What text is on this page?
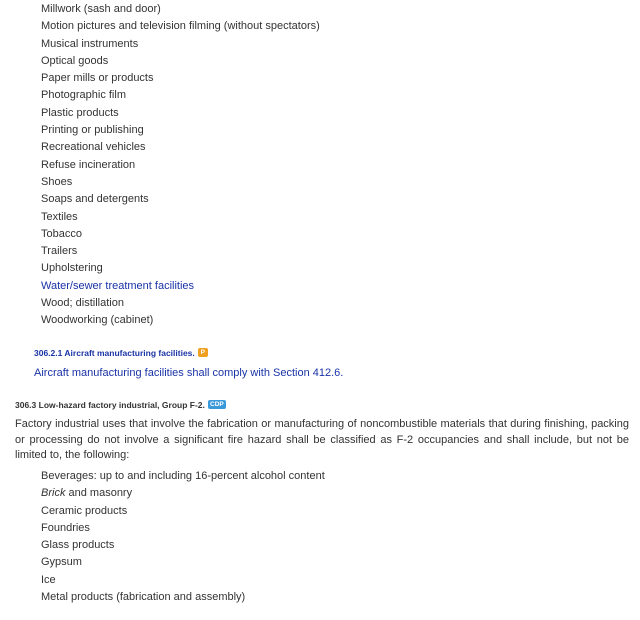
Millwork (sash and door)
Motion pictures and television filming (without spectators)
Musical instruments
Optical goods
Paper mills or products
Photographic film
Plastic products
Printing or publishing
Recreational vehicles
Refuse incineration
Shoes
Soaps and detergents
Textiles
Tobacco
Trailers
Upholstering
Water/sewer treatment facilities
Wood; distillation
Woodworking (cabinet)
306.2.1 Aircraft manufacturing facilities. P
Aircraft manufacturing facilities shall comply with Section 412.6.
306.3 Low-hazard factory industrial, Group F-2. CDP

Factory industrial uses that involve the fabrication or manufacturing of noncombustible materials that during finishing, packing or processing do not involve a significant fire hazard shall be classified as F-2 occupancies and shall include, but not be limited to, the following:

Beverages: up to and including 16-percent alcohol content
Brick and masonry
Ceramic products
Foundries
Glass products
Gypsum
Ice
Metal products (fabrication and assembly)
